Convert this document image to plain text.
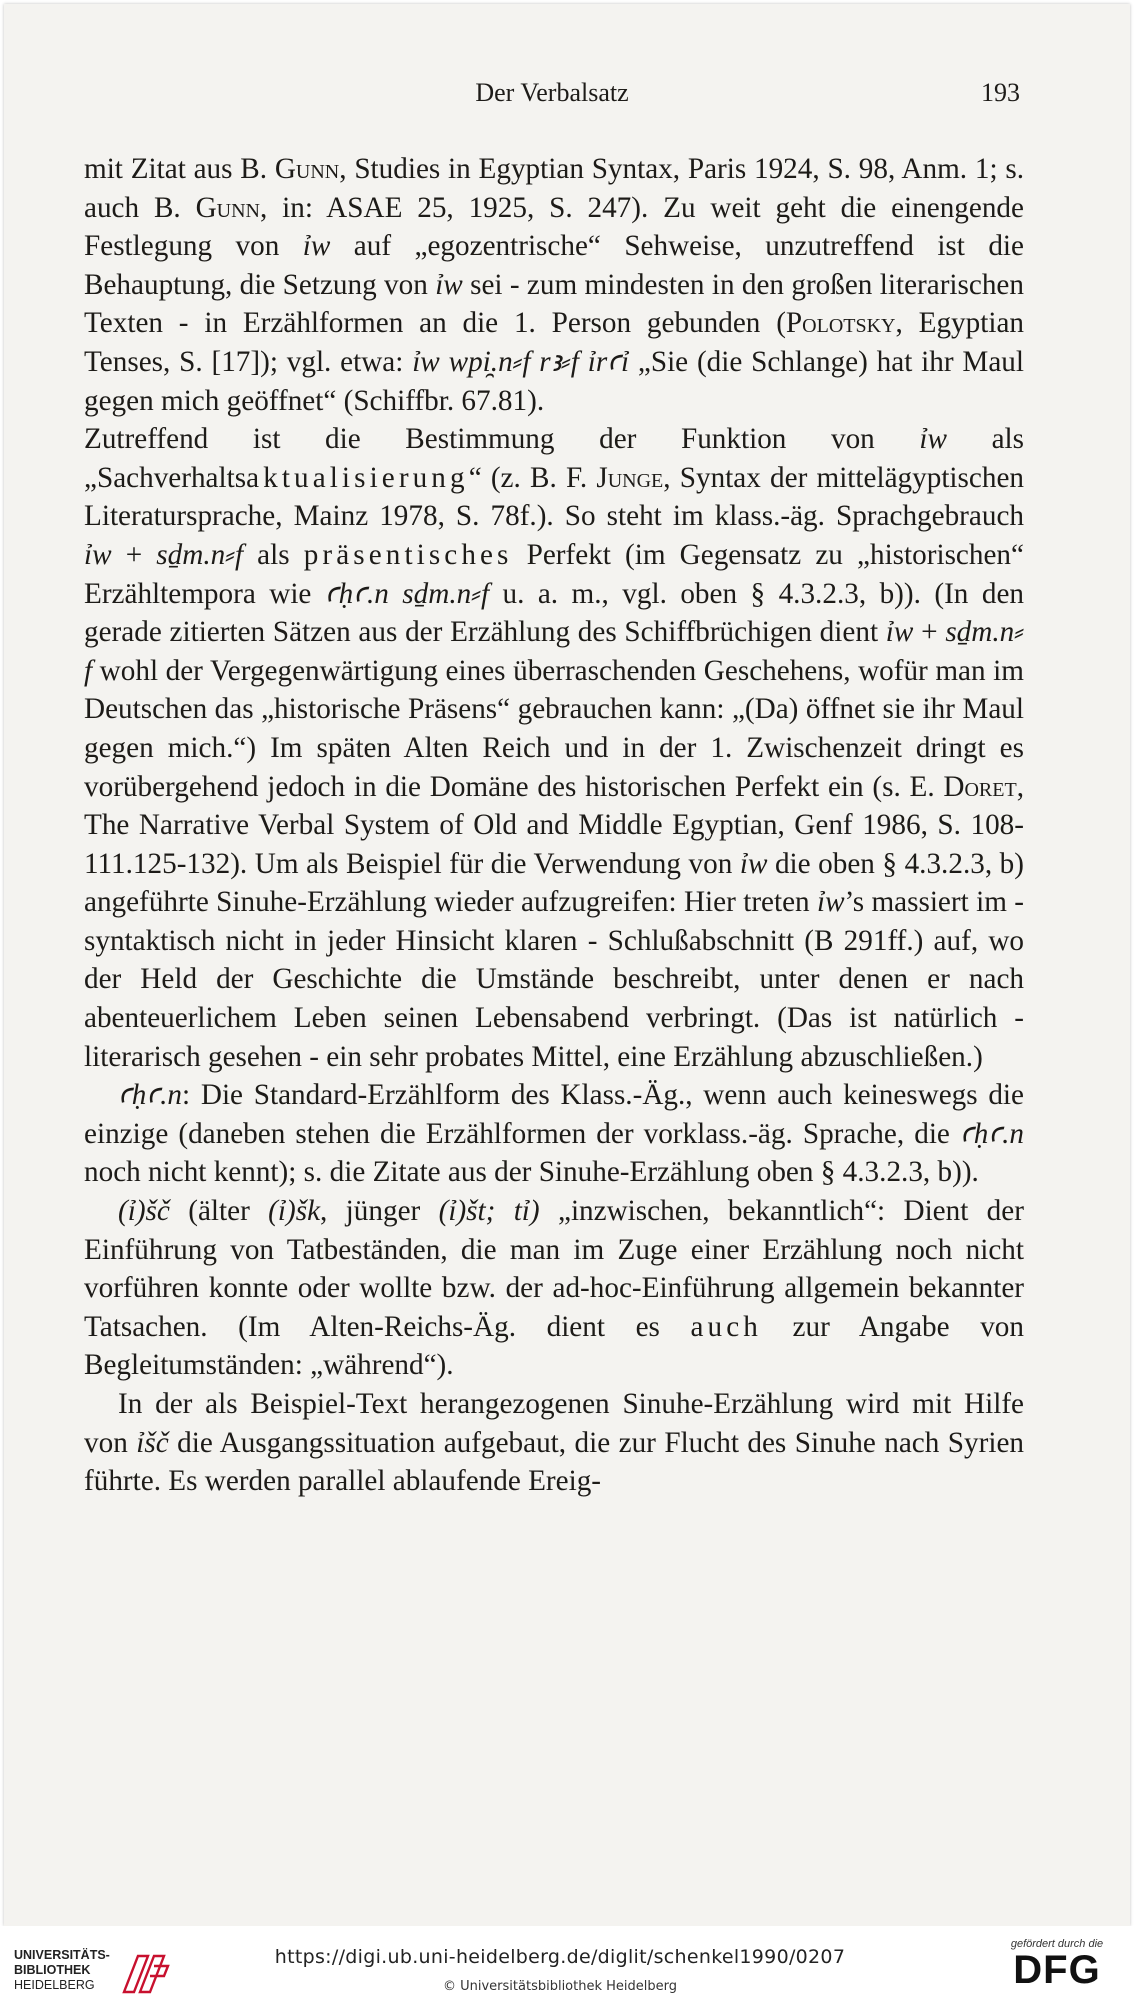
Der Verbalsatz	193

mit Zitat aus B. Gunn, Studies in Egyptian Syntax, Paris 1924, S. 98, Anm. 1; s. auch B. Gunn, in: ASAE 25, 1925, S. 247). Zu weit geht die einengende Festlegung von ỉw auf „egozentrische“ Sehweise, unzutreffend ist die Behauptung, die Setzung von ỉw sei - zum mindesten in den großen literarischen Texten - in Erzählformen an die 1. Person gebunden (Polotsky, Egyptian Tenses, S. [17]); vgl. etwa: ỉw wpi̯.n⸗f rꜣ⸗f ỉrꜥỉ „Sie (die Schlange) hat ihr Maul gegen mich geöffnet“ (Schiffbr. 67.81).

Zutreffend ist die Bestimmung der Funktion von ỉw als „Sachverhaltsaktualisierung“ (z. B. F. Junge, Syntax der mittelägyptischen Literatursprache, Mainz 1978, S. 78f.). So steht im klass.-äg. Sprachgebrauch ỉw + sḏm.n⸗f als präsentisches Perfekt (im Gegensatz zu „historischen“ Erzähltempora wie ꜥḥꜥ.n sḏm.n⸗f u. a. m., vgl. oben § 4.3.2.3, b)). (In den gerade zitierten Sätzen aus der Erzählung des Schiffbrüchigen dient ỉw + sḏm.n⸗f wohl der Vergegenwärtigung eines überraschenden Geschehens, wofür man im Deutschen das „historische Präsens“ gebrauchen kann: „(Da) öffnet sie ihr Maul gegen mich.“) Im späten Alten Reich und in der 1. Zwischenzeit dringt es vorübergehend jedoch in die Domäne des historischen Perfekt ein (s. E. Doret, The Narrative Verbal System of Old and Middle Egyptian, Genf 1986, S. 108-111.125-132). Um als Beispiel für die Verwendung von ỉw die oben § 4.3.2.3, b) angeführte Sinuhe-Erzählung wieder aufzugreifen: Hier treten ỉw’s massiert im - syntaktisch nicht in jeder Hinsicht klaren - Schlußabschnitt (B 291ff.) auf, wo der Held der Geschichte die Umstände beschreibt, unter denen er nach abenteuerlichem Leben seinen Lebensabend verbringt. (Das ist natürlich - literarisch gesehen - ein sehr probates Mittel, eine Erzählung abzuschließen.)

ꜥḥꜥ.n: Die Standard-Erzählform des Klass.-Äg., wenn auch keineswegs die einzige (daneben stehen die Erzählformen der vorklass.-äg. Sprache, die ꜥḥꜥ.n noch nicht kennt); s. die Zitate aus der Sinuhe-Erzählung oben § 4.3.2.3, b)).

(ỉ)šč (älter (ỉ)šk, jünger (ỉ)št; tỉ) „inzwischen, bekanntlich“: Dient der Einführung von Tatbeständen, die man im Zuge einer Erzählung noch nicht vorführen konnte oder wollte bzw. der ad-hoc-Einführung allgemein bekannter Tatsachen. (Im Alten-Reichs-Äg. dient es auch zur Angabe von Begleitumständen: „während“).

In der als Beispiel-Text herangezogenen Sinuhe-Erzählung wird mit Hilfe von ỉšč die Ausgangssituation aufgebaut, die zur Flucht des Sinuhe nach Syrien führte. Es werden parallel ablaufende Ereig-

UNIVERSITÄTS-
BIBLIOTHEK
HEIDELBERG
https://digi.ub.uni-heidelberg.de/diglit/schenkel1990/0207
© Universitätsbibliothek Heidelberg
gefördert durch die
DFG
